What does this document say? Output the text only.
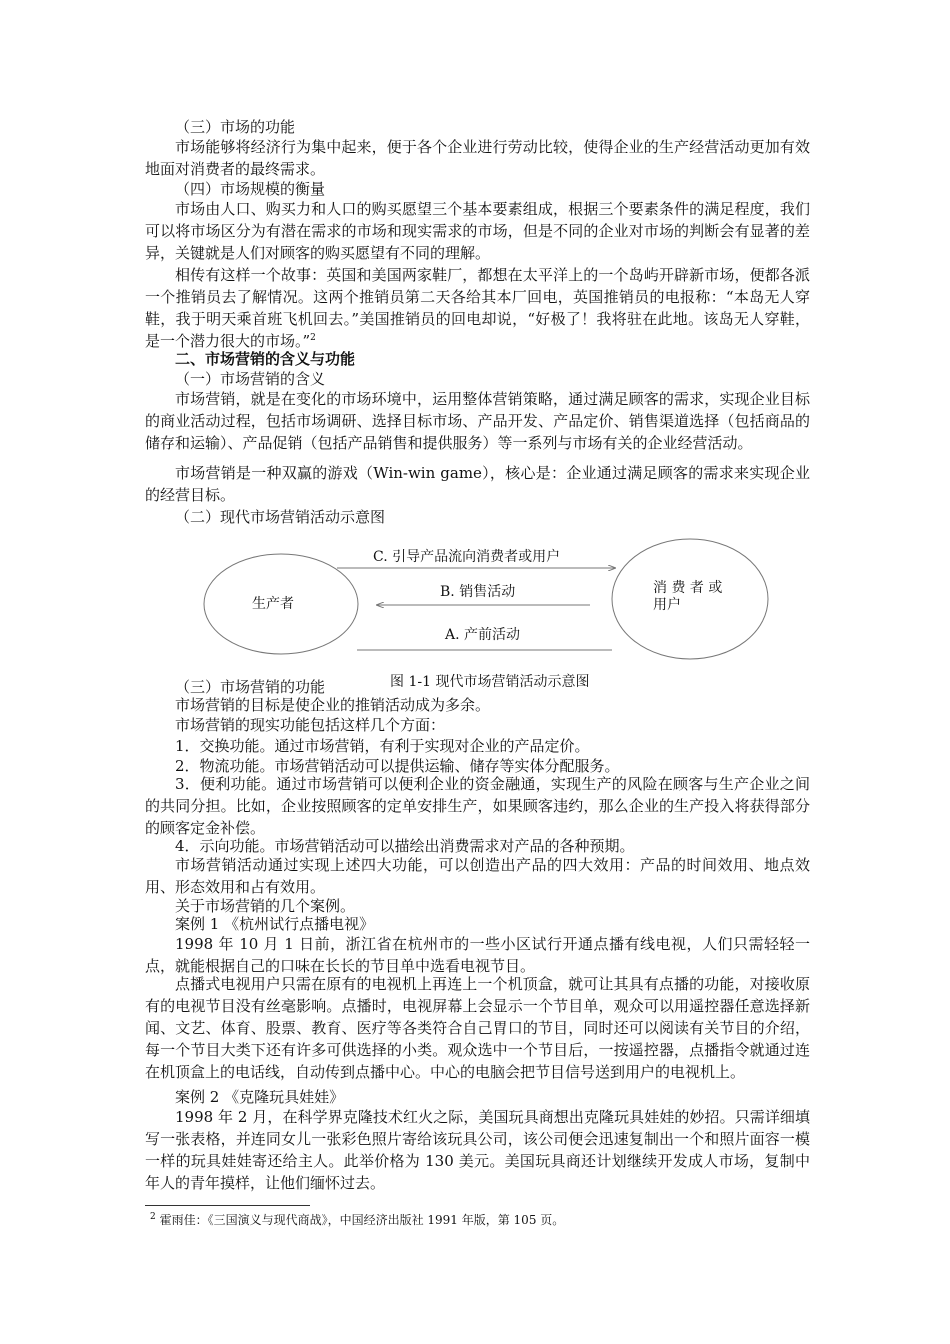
（三）市场的功能

市场能够将经济行为集中起来，便于各个企业进行劳动比较，使得企业的生产经营活动更加有效地面对消费者的最终需求。

（四）市场规模的衡量

市场由人口、购买力和人口的购买愿望三个基本要素组成，根据三个要素条件的满足程度，我们可以将市场区分为有潜在需求的市场和现实需求的市场，但是不同的企业对市场的判断会有显著的差异，关键就是人们对顾客的购买愿望有不同的理解。

相传有这样一个故事：英国和美国两家鞋厂，都想在太平洋上的一个岛屿开辟新市场，便都各派一个推销员去了解情况。这两个推销员第二天各给其本厂回电，英国推销员的电报称：“本岛无人穿鞋，我于明天乘首班飞机回去。”美国推销员的回电却说，“好极了！我将驻在此地。该岛无人穿鞋，是一个潜力很大的市场。”$^2$

二、市场营销的含义与功能

（一）市场营销的含义

市场营销，就是在变化的市场环境中，运用整体营销策略，通过满足顾客的需求，实现企业目标的商业活动过程，包括市场调研、选择目标市场、产品开发、产品定价、销售渠道选择（包括商品的储存和运输）、产品促销（包括产品销售和提供服务）等一系列与市场有关的企业经营活动。

市场营销是一种双赢的游戏（Win-win game），核心是：企业通过满足顾客的需求来实现企业的经营目标。

（二）现代市场营销活动示意图

生产者
消 费 者 或 用户
C. 引导产品流向消费者或用户
B. 销售活动
A. 产前活动

图 1-1 现代市场营销活动示意图

（三）市场营销的功能

市场营销的目标是使企业的推销活动成为多余。

市场营销的现实功能包括这样几个方面：

1．交换功能。通过市场营销，有利于实现对企业的产品定价。

2．物流功能。市场营销活动可以提供运输、储存等实体分配服务。

3．便利功能。通过市场营销可以便利企业的资金融通，实现生产的风险在顾客与生产企业之间的共同分担。比如，企业按照顾客的定单安排生产，如果顾客违约，那么企业的生产投入将获得部分的顾客定金补偿。

4．示向功能。市场营销活动可以描绘出消费需求对产品的各种预期。

市场营销活动通过实现上述四大功能，可以创造出产品的四大效用：产品的时间效用、地点效用、形态效用和占有效用。

关于市场营销的几个案例。

案例 1 《杭州试行点播电视》

1998 年 10 月 1 日前，浙江省在杭州市的一些小区试行开通点播有线电视，人们只需轻轻一点，就能根据自己的口味在长长的节目单中选看电视节目。

点播式电视用户只需在原有的电视机上再连上一个机顶盒，就可让其具有点播的功能，对接收原有的电视节目没有丝毫影响。点播时，电视屏幕上会显示一个节目单，观众可以用遥控器任意选择新闻、文艺、体育、股票、教育、医疗等各类符合自己胃口的节目，同时还可以阅读有关节目的介绍，每一个节目大类下还有许多可供选择的小类。观众选中一个节目后，一按遥控器，点播指令就通过连在机顶盒上的电话线，自动传到点播中心。中心的电脑会把节目信号送到用户的电视机上。

案例 2 《克隆玩具娃娃》

1998 年 2 月，在科学界克隆技术红火之际，美国玩具商想出克隆玩具娃娃的妙招。只需详细填写一张表格，并连同女儿一张彩色照片寄给该玩具公司，该公司便会迅速复制出一个和照片面容一模一样的玩具娃娃寄还给主人。此举价格为 130 美元。美国玩具商还计划继续开发成人市场，复制中年人的青年摸样，让他们缅怀过去。

$^2$ 霍雨佳：《三国演义与现代商战》，中国经济出版社 1991 年版，第 105 页。
